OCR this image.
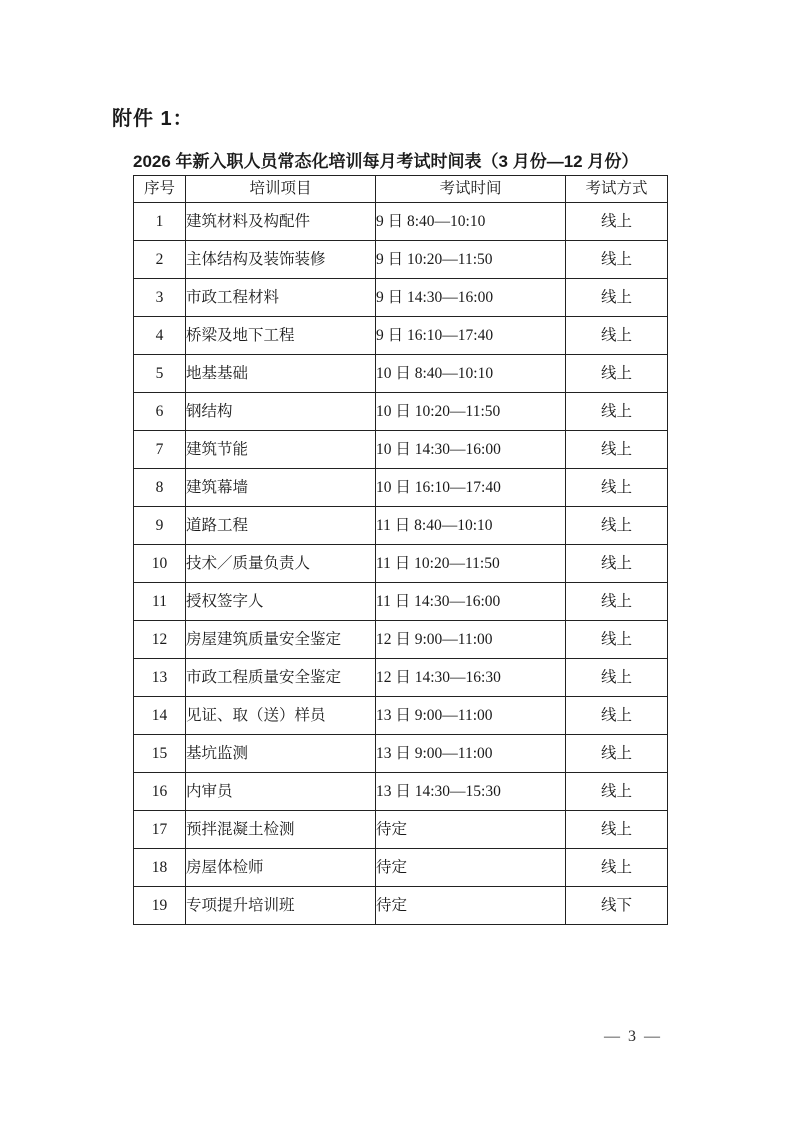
附件 1：
2026 年新入职人员常态化培训每月考试时间表（3 月份—12 月份）
序号	培训项目	考试时间	考试方式
1	建筑材料及构配件	9 日 8:40—10:10	线上
2	主体结构及装饰装修	9 日 10:20—11:50	线上
3	市政工程材料	9 日 14:30—16:00	线上
4	桥梁及地下工程	9 日 16:10—17:40	线上
5	地基基础	10 日 8:40—10:10	线上
6	钢结构	10 日 10:20—11:50	线上
7	建筑节能	10 日 14:30—16:00	线上
8	建筑幕墙	10 日 16:10—17:40	线上
9	道路工程	11 日 8:40—10:10	线上
10	技术／质量负责人	11 日 10:20—11:50	线上
11	授权签字人	11 日 14:30—16:00	线上
12	房屋建筑质量安全鉴定	12 日 9:00—11:00	线上
13	市政工程质量安全鉴定	12 日 14:30—16:30	线上
14	见证、取（送）样员	13 日 9:00—11:00	线上
15	基坑监测	13 日 9:00—11:00	线上
16	内审员	13 日 14:30—15:30	线上
17	预拌混凝土检测	待定	线上
18	房屋体检师	待定	线上
19	专项提升培训班	待定	线下
— 3 —
